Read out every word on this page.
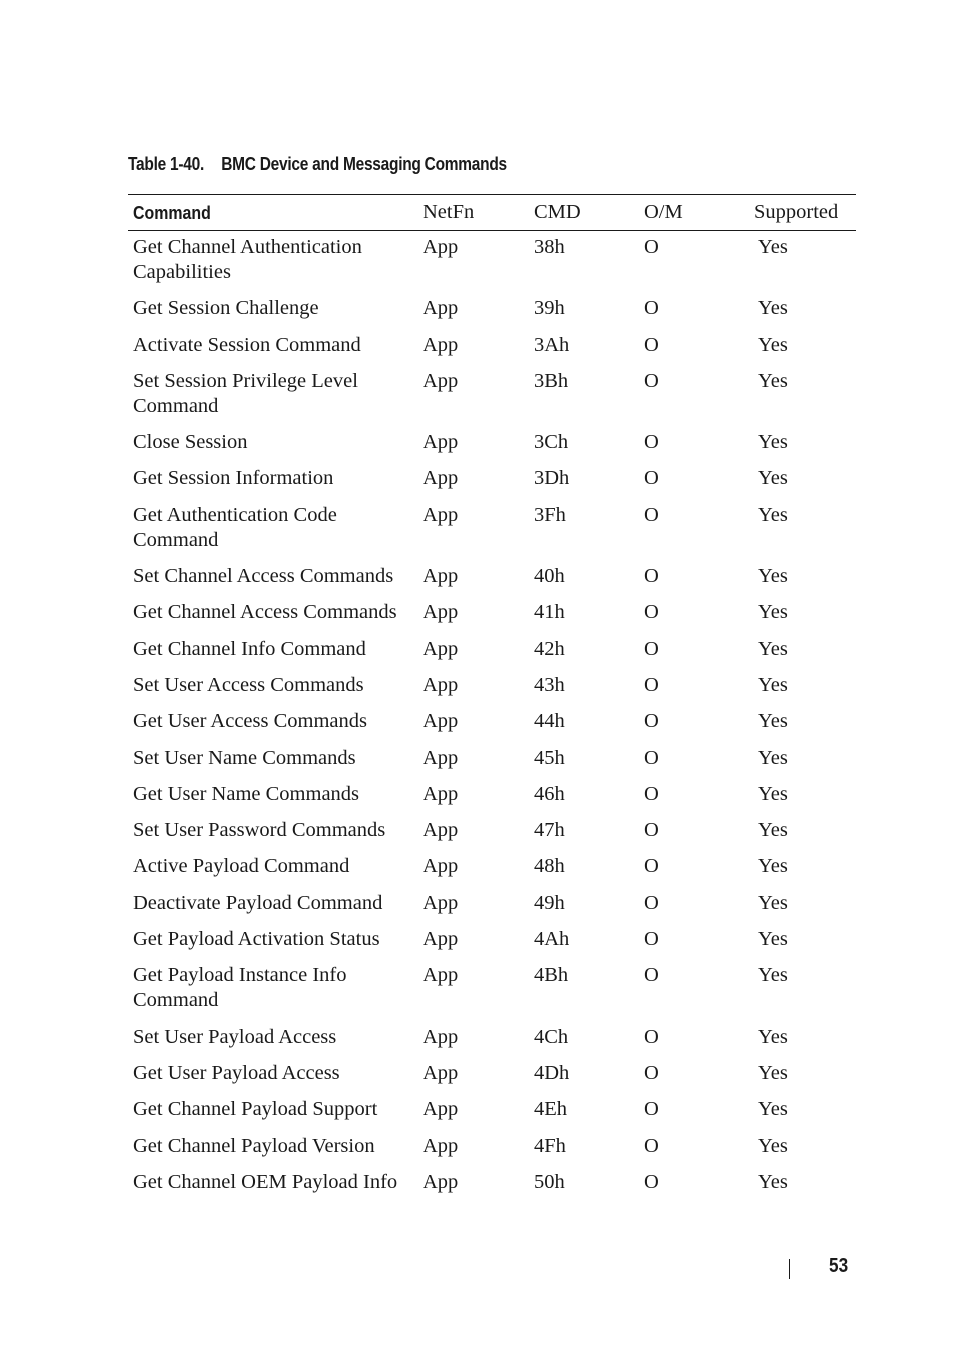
Table 1-40. BMC Device and Messaging Commands
Command	NetFn	CMD	O/M	Supported
Get Channel Authentication Capabilities	App	38h	O	Yes
Get Session Challenge	App	39h	O	Yes
Activate Session Command	App	3Ah	O	Yes
Set Session Privilege Level Command	App	3Bh	O	Yes
Close Session	App	3Ch	O	Yes
Get Session Information	App	3Dh	O	Yes
Get Authentication Code Command	App	3Fh	O	Yes
Set Channel Access Commands	App	40h	O	Yes
Get Channel Access Commands	App	41h	O	Yes
Get Channel Info Command	App	42h	O	Yes
Set User Access Commands	App	43h	O	Yes
Get User Access Commands	App	44h	O	Yes
Set User Name Commands	App	45h	O	Yes
Get User Name Commands	App	46h	O	Yes
Set User Password Commands	App	47h	O	Yes
Active Payload Command	App	48h	O	Yes
Deactivate Payload Command	App	49h	O	Yes
Get Payload Activation Status	App	4Ah	O	Yes
Get Payload Instance Info Command	App	4Bh	O	Yes
Set User Payload Access	App	4Ch	O	Yes
Get User Payload Access	App	4Dh	O	Yes
Get Channel Payload Support	App	4Eh	O	Yes
Get Channel Payload Version	App	4Fh	O	Yes
Get Channel OEM Payload Info	App	50h	O	Yes
53
